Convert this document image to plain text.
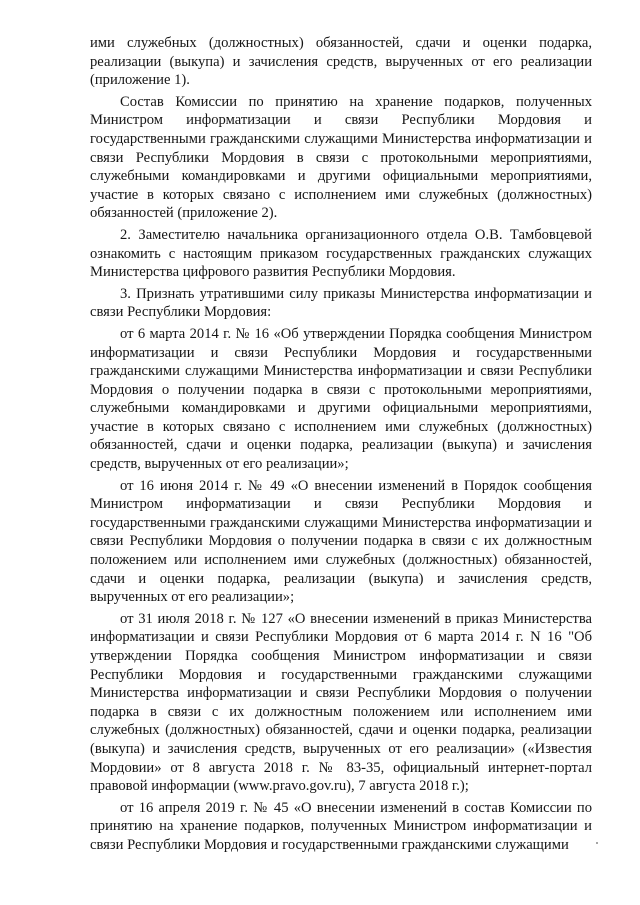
ими служебных (должностных) обязанностей, сдачи и оценки подарка, реализации (выкупа) и зачисления средств, вырученных от его реализации (приложение 1).

Состав Комиссии по принятию на хранение подарков, полученных Министром информатизации и связи Республики Мордовия и государственными гражданскими служащими Министерства информатизации и связи Республики Мордовия в связи с протокольными мероприятиями, служебными командировками и другими официальными мероприятиями, участие в которых связано с исполнением ими служебных (должностных) обязанностей (приложение 2).

2. Заместителю начальника организационного отдела О.В. Тамбовцевой ознакомить с настоящим приказом государственных гражданских служащих Министерства цифрового развития Республики Мордовия.

3. Признать утратившими силу приказы Министерства информатизации и связи Республики Мордовия:

от 6 марта 2014 г. № 16 «Об утверждении Порядка сообщения Министром информатизации и связи Республики Мордовия и государственными гражданскими служащими Министерства информатизации и связи Республики Мордовия о получении подарка в связи с протокольными мероприятиями, служебными командировками и другими официальными мероприятиями, участие в которых связано с исполнением ими служебных (должностных) обязанностей, сдачи и оценки подарка, реализации (выкупа) и зачисления средств, вырученных от его реализации»;

от 16 июня 2014 г. № 49 «О внесении изменений в Порядок сообщения Министром информатизации и связи Республики Мордовия и государственными гражданскими служащими Министерства информатизации и связи Республики Мордовия о получении подарка в связи с их должностным положением или исполнением ими служебных (должностных) обязанностей, сдачи и оценки подарка, реализации (выкупа) и зачисления средств, вырученных от его реализации»;

от 31 июля 2018 г. № 127 «О внесении изменений в приказ Министерства информатизации и связи Республики Мордовия от 6 марта 2014 г. N 16 "Об утверждении Порядка сообщения Министром информатизации и связи Республики Мордовия и государственными гражданскими служащими Министерства информатизации и связи Республики Мордовия о получении подарка в связи с их должностным положением или исполнением ими служебных (должностных) обязанностей, сдачи и оценки подарка, реализации (выкупа) и зачисления средств, вырученных от его реализации» («Известия Мордовии» от 8 августа 2018 г. № 83-35, официальный интернет-портал правовой информации (www.pravo.gov.ru), 7 августа 2018 г.);

от 16 апреля 2019 г. № 45 «О внесении изменений в состав Комиссии по принятию на хранение подарков, полученных Министром информатизации и связи Республики Мордовия и государственными гражданскими служащими
